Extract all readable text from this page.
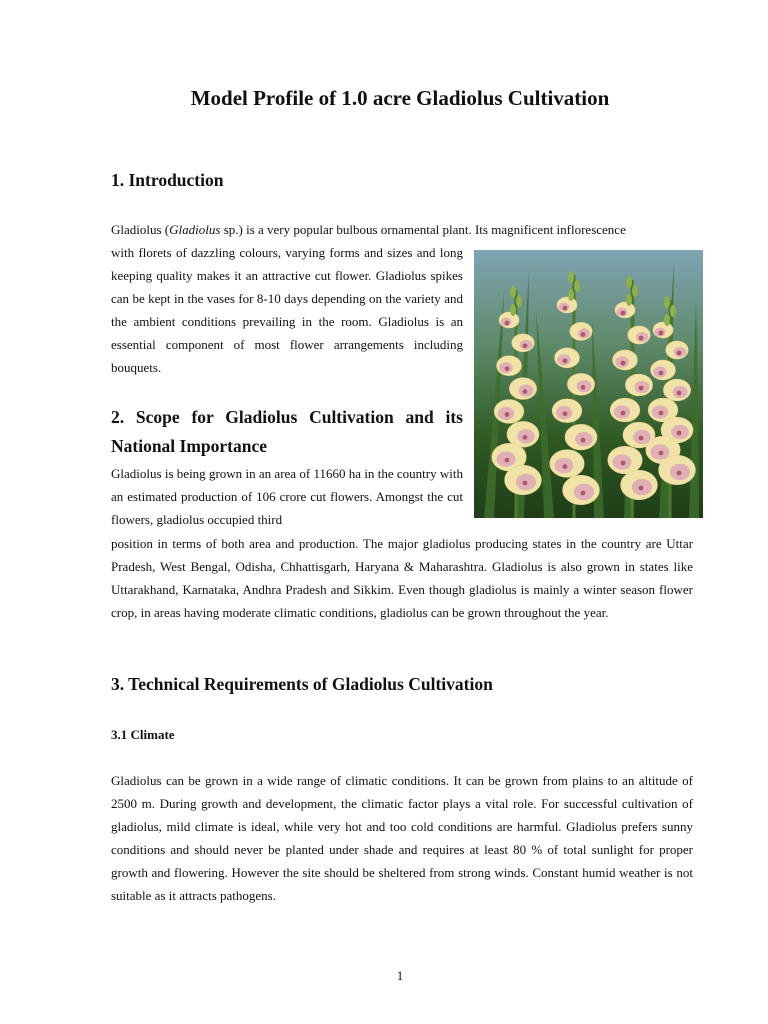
Model Profile of 1.0 acre Gladiolus Cultivation
1. Introduction

Gladiolus (Gladiolus sp.) is a very popular bulbous ornamental plant. Its magnificent inflorescence

with florets of dazzling colours, varying forms and sizes and long keeping quality makes it an attractive cut flower. Gladiolus spikes can be kept in the vases for 8-10 days depending on the variety and the ambient conditions prevailing in the room. Gladiolus is an essential component of most flower arrangements including bouquets.

2. Scope for Gladiolus Cultivation and its National Importance

Gladiolus is being grown in an area of 11660 ha in the country with an estimated production of 106 crore cut flowers. Amongst the cut flowers, gladiolus occupied third

position in terms of both area and production. The major gladiolus producing states in the country are Uttar Pradesh, West Bengal, Odisha, Chhattisgarh, Haryana & Maharashtra. Gladiolus is also grown in states like Uttarakhand, Karnataka, Andhra Pradesh and Sikkim. Even though gladiolus is mainly a winter season flower crop, in areas having moderate climatic conditions, gladiolus can be grown throughout the year.

3. Technical Requirements of Gladiolus Cultivation
3.1 Climate

Gladiolus can be grown in a wide range of climatic conditions. It can be grown from plains to an altitude of 2500 m. During growth and development, the climatic factor plays a vital role. For successful cultivation of gladiolus, mild climate is ideal, while very hot and too cold conditions are harmful. Gladiolus prefers sunny conditions and should never be planted under shade and requires at least 80 % of total sunlight for proper growth and flowering. However the site should be sheltered from strong winds. Constant humid weather is not suitable as it attracts pathogens.

1
